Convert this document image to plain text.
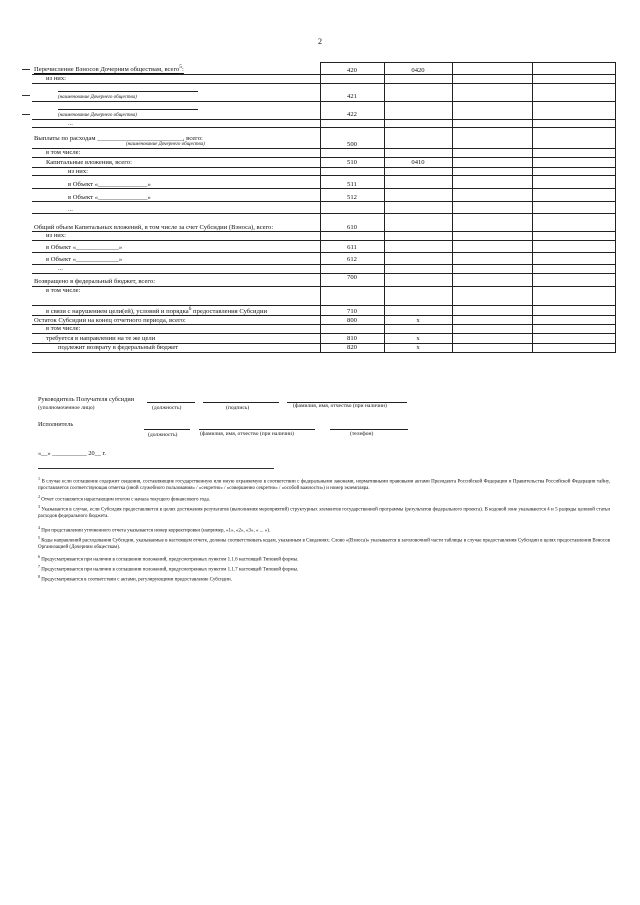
2
Перечисление Взносов Дочерним обществам, всего$^5$:	420	0420		
из них:				

(наименование Дочернего общества)	421			

(наименование Дочернего общества)	422			
...				
Выплаты по расходам __________________________, всего:
(наименование Дочернего общества)	500			
в том числе:				
Капитальные вложения, всего:	510	0410		
из них:				
в Объект «_______________»	511			
в Объект «_______________»	512			
...				
Общий объем Капитальных вложений, в том числе за счет Субсидии (Взноса), всего:	610			
из них:				
в Объект «_____________»	611			
в Объект «_____________»	612			
...				
Возвращено в федеральный бюджет, всего:	700			
в том числе:				
в связи с нарушением цели(ей), условий и порядка$^6$ предоставления Субсидии	710			
Остаток Субсидии на конец отчетного периода, всего:	800	x		
в том числе:				
требуется в направлении на те же цели	810	x		
подлежит возврату в федеральный бюджет	820	x		
Руководитель Получателя субсидии
(уполномоченное лицо)	(должность)	(подпись)	(фамилия, имя, отчество (при наличии)
Исполнитель
(должность)	(фамилия, имя, отчество (при наличии)	(телефон)
«__» ___________ 20__ г.
$^1$ В случае если соглашение содержит сведения, составляющие государственную или иную охраняемую в соответствии с федеральными законами, нормативными правовыми актами Президента Российской Федерации и Правительства Российской Федерации тайну, проставляется соответствующая отметка (иной служебного пользования» / «секретно» / «совершенно секретно» / «особой важности») и номер экземпляра.
$^2$ Отчет составляется нарастающим итогом с начала текущего финансового года.
$^3$ Указывается в случае, если Субсидия предоставляется в целях достижения результатов (выполнения мероприятий) структурных элементов государственной программы (результатов федерального проекта). В кодовой зоне указываются 4 и 5 разряды целевой статьи расходов федерального бюджета.
$^4$ При представлении уточненного отчета указывается номер корректировки (например, «1», «2», «3», « ... »).
$^5$ Коды направлений расходования Субсидии, указываемые в настоящем отчете, должны соответствовать кодам, указанным в Сведениях. Слово «(Взноса)» указывается в заголовочной части таблицы в случае предоставления Субсидии в целях предоставления Взносов Организацией (Дочерним обществам).
$^6$ Предусматривается при наличии в соглашении положений, предусмотренных пунктом 1.1.6 настоящей Типовой формы.
$^7$ Предусматривается при наличии в соглашении положений, предусмотренных пунктом 1.1.7 настоящей Типовой формы.
$^8$ Предусматривается в соответствии с актами, регулирующими предоставление Субсидии.
